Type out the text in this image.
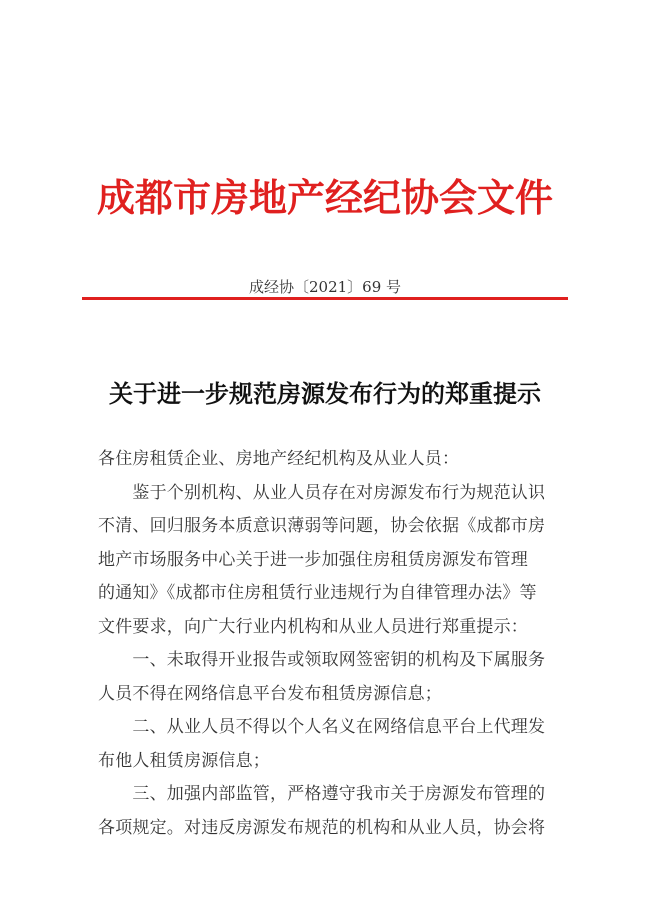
成都市房地产经纪协会文件
成经协〔2021〕69 号
关于进一步规范房源发布行为的郑重提示

各住房租赁企业、房地产经纪机构及从业人员：

　　鉴于个别机构、从业人员存在对房源发布行为规范认识

不清、回归服务本质意识薄弱等问题，协会依据《成都市房

地产市场服务中心关于进一步加强住房租赁房源发布管理

的通知》《成都市住房租赁行业违规行为自律管理办法》等

文件要求，向广大行业内机构和从业人员进行郑重提示：

　　一、未取得开业报告或领取网签密钥的机构及下属服务

人员不得在网络信息平台发布租赁房源信息；

　　二、从业人员不得以个人名义在网络信息平台上代理发

布他人租赁房源信息；

　　三、加强内部监管，严格遵守我市关于房源发布管理的

各项规定。对违反房源发布规范的机构和从业人员，协会将
